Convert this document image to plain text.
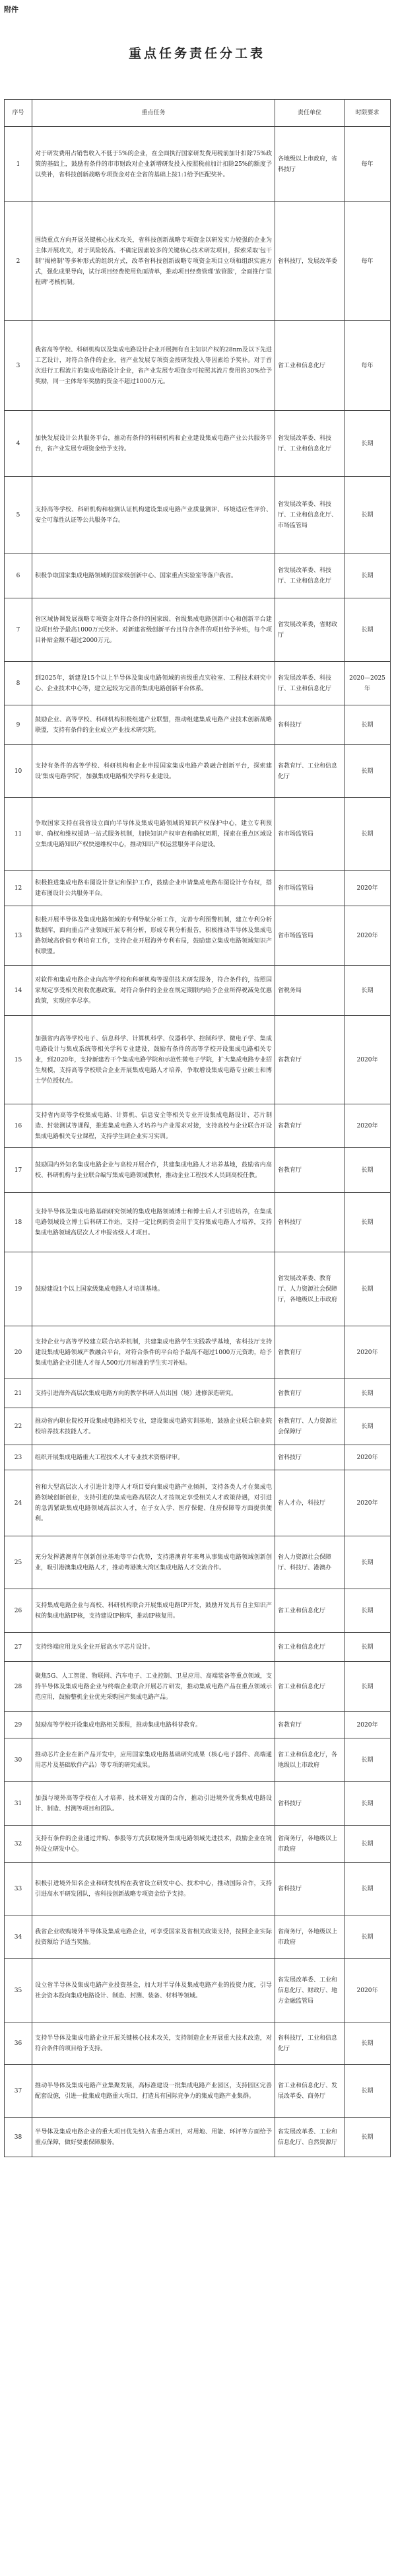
附件
重点任务责任分工表
序号	重点任务	责任单位	时限要求
1	对于研发费用占销售收入不低于5%的企业，在全面执行国家研发费用税前加计扣除75%政策的基础上，鼓励有条件的市市财政对企业新增研发投入按照税前加计扣除25%的额度予以奖补，省科技创新战略专项资金对在全省的基础上按1:1给予匹配奖补。	各地级以上市政府，省科技厅	每年
2	围绕重点方向开展关键核心技术攻关，省科技创新战略专项资金以研发实力较强的企业为主体开展攻关，对于风险较高、不确定因素较多的关键核心技术研发项目，探索采取'包干制''揭榜制'等多种形式的组织方式，改革省科技创新战略专项资金项目立项和组织实施方式，强化成果导向，试行项目经费使用负面清单，推动项目经费管理'放管服'，全面推行'里程碑'考核机制。	省科技厅，发展改革委	每年
3	我省高等学校、科研机构以及集成电路设计企业开展拥有自主知识产权的28nm及以下先进工艺设计，对符合条件的企业，省产业发展专项资金按研发投入等因素给予奖补。对于首次进行工程流片的集成电路设计企业，省产业发展专项资金可按照其流片费用的30%给予奖励，同一主体每年奖励的资金不超过1000万元。	省工业和信息化厅	每年
4	加快发展设计公共服务平台，推动有条件的科研机构和企业建设集成电路产业公共服务平台，省产业发展专项资金给予支持。	省发展改革委、科技厅、工业和信息化厅	长期
5	支持高等学校、科研机构和检测认证机构建设集成电路产业质量测评、环境适应性评价、安全可靠性认证等公共服务平台。	省发展改革委、科技厅、工业和信息化厅、市场监管局	长期
6	积极争取国家集成电路领域的国家级创新中心、国家重点实验室等落户我省。	省发展改革委、科技厅、工业和信息化厅	长期
7	省区域协调发展战略专项资金对符合条件的国家级、省级集成电路创新中心和创新平台建设项目给予最高1000万元奖补。对新建省级创新平台且符合条件的项目给予补贴，每个项目补贴金额不超过2000万元。	省发展改革委，省财政厅	长期
8	到2025年，新建设15个以上半导体及集成电路领域的省级重点实验室、工程技术研究中心、企业技术中心等，建立起较为完善的集成电路创新平台体系。	省发展改革委、科技厅、工业和信息化厅	2020—2025年
9	鼓励企业、高等学校、科研机构积极组建产业联盟，推动组建集成电路产业技术创新战略联盟，支持有条件的企业成立产业技术研究院。	省科技厅	长期
10	支持有条件的高等学校、科研机构和企业申报国家集成电路产教融合创新平台，探索建设'集成电路学院'，加强集成电路相关学科专业建设。	省教育厅、工业和信息化厅	长期
11	争取国家支持在我省设立面向半导体及集成电路领域的知识产权保护中心，建立专利预审、确权和维权援助一站式服务机制，加快知识产权审查和确权周期，探索在重点区域设立集成电路知识产权快速维权中心，推动知识产权运营服务平台建设。	省市场监管局	长期
12	积极推进集成电路布图设计登记和保护工作，鼓励企业申请集成电路布图设计专有权，搭建布图设计公共服务平台。	省市场监管局	2020年
13	积极开展半导体及集成电路领域的专利导航分析工作，完善专利预警机制，建立专利分析数据库，面向重点产业领域开展专利分析，形成专利分析报告，积极推动半导体及集成电路领域高价值专利培育工作，支持企业开展海外专利布局，鼓励建立集成电路领域知识产权联盟。	省市场监管局	2020年
14	对软件和集成电路企业向高等学校和科研机构等提供技术研发服务，符合条件的，按照国家规定享受相关税收优惠政策。对符合条件的企业在规定期限内给予企业所得税减免优惠政策，实现应享尽享。	省税务局	长期
15	加强省内高等学校电子、信息科学、计算机科学、仪器科学、控制科学、微电子学、集成电路设计与集成系统等相关学科专业建设，鼓励有条件的高等学校开设集成电路相关专业，到2020年，支持新建若干个集成电路学院和示范性微电子学院，扩大集成电路专业招生规模，支持高等学校联合企业开展集成电路人才培养，争取增设集成电路专业硕士和博士学位授权点。	省教育厅	2020年
16	支持省内高等学校集成电路、计算机、信息安全等相关专业开设集成电路设计、芯片制造、封装测试等课程，推进集成电路人才培养与产业需求对接，支持高校与企业联合开设集成电路相关专业课程，支持学生到企业实习实训。	省教育厅	2020年
17	鼓励国内外知名集成电路企业与高校开展合作，共建集成电路人才培养基地，鼓励省内高校、科研机构与企业联合编写集成电路领域教材，推动企业工程技术人员到高校任教。	省教育厅	长期
18	支持半导体及集成电路基础研究领域的集成电路领域博士和博士后人才引进培养，在集成电路领域设立博士后科研工作站，支持一定比例的资金用于支持集成电路人才培养，支持集成电路领域高层次人才申报省级人才项目。	省科技厅	长期
19	鼓励建设1个以上国家级集成电路人才培训基地。	省发展改革委、教育厅、人力资源社会保障厅，各地级以上市政府	长期
20	支持企业与高等学校建立联合培养机制，共建集成电路学生实践教学基地，省科技厅支持建设集成电路领域产教融合平台，对符合条件的平台给予最高不超过1000万元资助，给予集成电路企业引进人才每人500元/月标准的学生实习补贴。	省教育厅	2020年
21	支持引进海外高层次集成电路方向的教学科研人员出国（境）进修深造研究。	省教育厅	长期
22	推动省内职业院校开设集成电路相关专业，建设集成电路实训基地，鼓励企业联合职业院校培养技术技能人才。	省教育厅、人力资源社会保障厅	长期
23	组织开展集成电路重大工程技术人才专业技术资格评审。	省科技厅	2020年
24	省和大型高层次人才引进计划等人才项目要向集成电路产业倾斜，支持各类人才在集成电路领域创新创业，支持引进的集成电路高层次人才按规定享受相关人才政策待遇，对引进的急需紧缺集成电路领域高层次人才，在子女入学、医疗保健、住房保障等方面提供便利。	省人才办，科技厅	2020年
25	充分发挥港澳青年创新创业基地等平台优势，支持港澳青年来粤从事集成电路领域创新创业，吸引港澳集成电路人才，推动粤港澳大湾区集成电路人才交流合作。	省人力资源社会保障厅、科技厅、港澳办	长期
26	支持集成电路企业与高校、科研机构联合开展集成电路IP开发，鼓励开发具有自主知识产权的集成电路IP核，支持建设IP核库，推动IP核复用。	省工业和信息化厅	长期
27	支持终端应用龙头企业开展高水平芯片设计。	省工业和信息化厅	长期
28	聚焦5G、人工智能、物联网、汽车电子、工业控制、卫星应用、高端装备等重点领域，支持半导体及集成电路企业与终端企业联合开展芯片研发，推动集成电路产品在重点领域示范应用，鼓励整机企业优先采购国产集成电路产品。	省工业和信息化厅	长期
29	鼓励高等学校开设集成电路相关课程，推动集成电路科普教育。	省教育厅	2020年
30	推动芯片企业在新产品开发中，应用国家集成电路基础研究成果（核心电子器件、高端通用芯片及基础软件产品）等专项的研究成果。	省工业和信息化厅，各地级以上市政府	长期
31	加强与境外高等学校在人才培养、技术研发方面的合作，推动引进境外优秀集成电路设计、制造、封测等项目和团队。	省科技厅	长期
32	支持有条件的企业通过并购、参股等方式获取境外集成电路领域先进技术，鼓励企业在境外设立研发中心。	省商务厅，各地级以上市政府	长期
33	积极引进境外知名企业和研发机构在我省设立研发中心、技术中心，推动国际合作，支持引进高水平研发团队，省科技创新战略专项资金给予支持。	省科技厅	长期
34	我省企业收购境外半导体及集成电路企业，可享受国家及省相关政策支持，按照企业实际投资额给予适当奖励。	省商务厅，各地级以上市政府	长期
35	设立省半导体及集成电路产业投资基金，加大对半导体及集成电路产业的投资力度，引导社会资本投向集成电路设计、制造、封测、装备、材料等领域。	省发展改革委、工业和信息化厅、财政厅、地方金融监管局	2020年
36	支持半导体及集成电路企业开展关键核心技术攻关，支持制造企业开展重大技术改造，对符合条件的项目给予支持。	省科技厅，工业和信息化厅	长期
37	推动半导体及集成电路产业集聚发展，高标准建设一批集成电路产业园区，支持园区完善配套设施，引进一批集成电路重大项目，打造具有国际竞争力的集成电路产业集群。	省工业和信息化厅、发展改革委、商务厅	长期
38	半导体及集成电路企业的重大项目优先纳入省重点项目，对用地、用能、环评等方面给予重点保障，做好要素保障服务。	省发展改革委、工业和信息化厅、自然资源厅	长期
